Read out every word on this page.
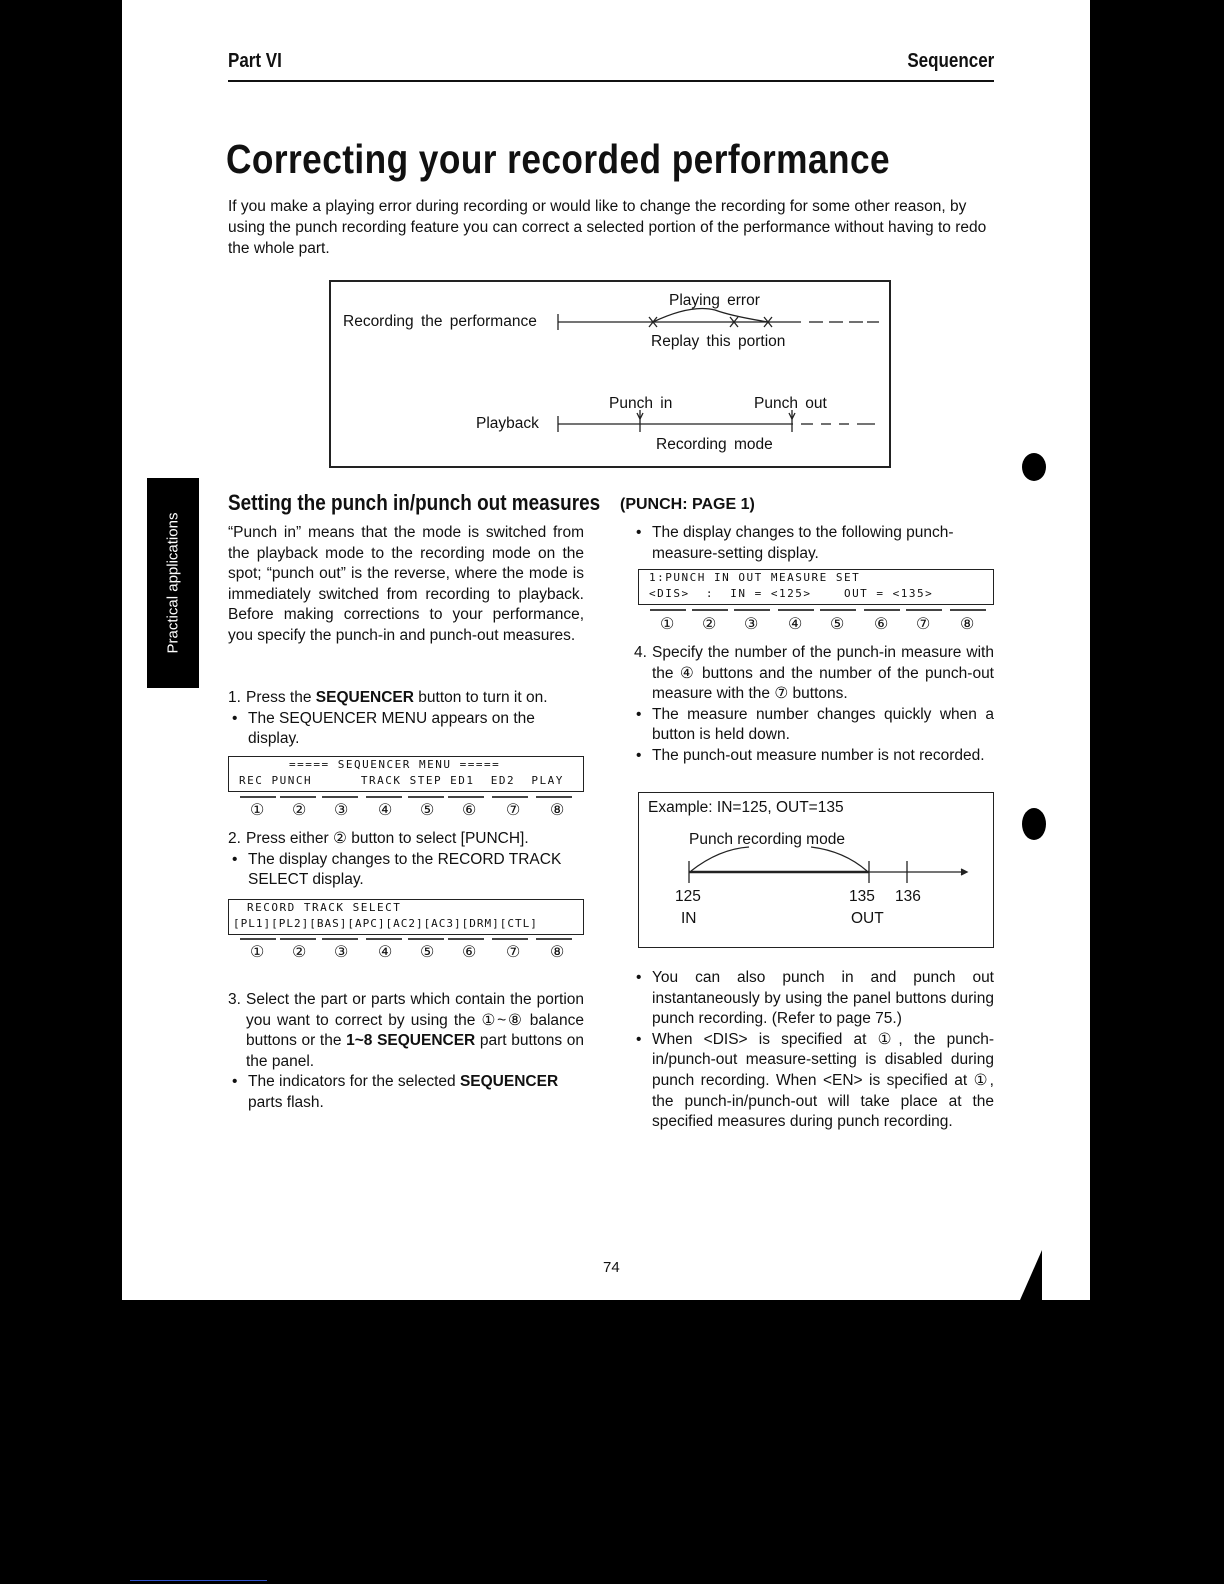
Part VI	Sequencer
Correcting your recorded performance
If you make a playing error during recording or would like to change the recording for some other reason, by using the punch recording feature you can correct a selected portion of the performance without having to redo the whole part.
Playing error
Recording the performance
Replay this portion
Punch in	Punch out
Playback
Recording mode
Setting the punch in/punch out measures (PUNCH: PAGE 1)

“Punch in” means that the mode is switched from the playback mode to the recording mode on the spot; “punch out” is the reverse, where the mode is immediately switched from recording to playback. Before making corrections to your performance, you specify the punch-in and punch-out measures.

1. Press the SEQUENCER button to turn it on.
• The SEQUENCER MENU appears on the display.
===== SEQUENCER MENU =====
REC PUNCH      TRACK STEP ED1  ED2  PLAY
① ② ③ ④ ⑤ ⑥ ⑦ ⑧
2. Press either ② button to select [PUNCH].
• The display changes to the RECORD TRACK SELECT display.
RECORD TRACK SELECT
[PL1][PL2][BAS][APC][AC2][AC3][DRM][CTL]
① ② ③ ④ ⑤ ⑥ ⑦ ⑧
3. Select the part or parts which contain the portion you want to correct by using the ①~⑧ balance buttons or the 1~8 SEQUENCER part buttons on the panel.
• The indicators for the selected SEQUENCER parts flash.
• The display changes to the following punch-measure-setting display.
1:PUNCH IN OUT MEASURE SET
<DIS>  :  IN = <125>    OUT = <135>
① ② ③ ④ ⑤ ⑥ ⑦ ⑧
4. Specify the number of the punch-in measure with the ④ buttons and the number of the punch-out measure with the ⑦ buttons.
• The measure number changes quickly when a button is held down.
• The punch-out measure number is not recorded.
Example: IN=125, OUT=135
Punch recording mode
125	135 136
IN	OUT
• You can also punch in and punch out instantaneously by using the panel buttons during punch recording. (Refer to page 75.)
• When <DIS> is specified at ①, the punch-in/punch-out measure-setting is disabled during punch recording. When <EN> is specified at ①, the punch-in/punch-out will take place at the specified measures during punch recording.
74
Practical applications
